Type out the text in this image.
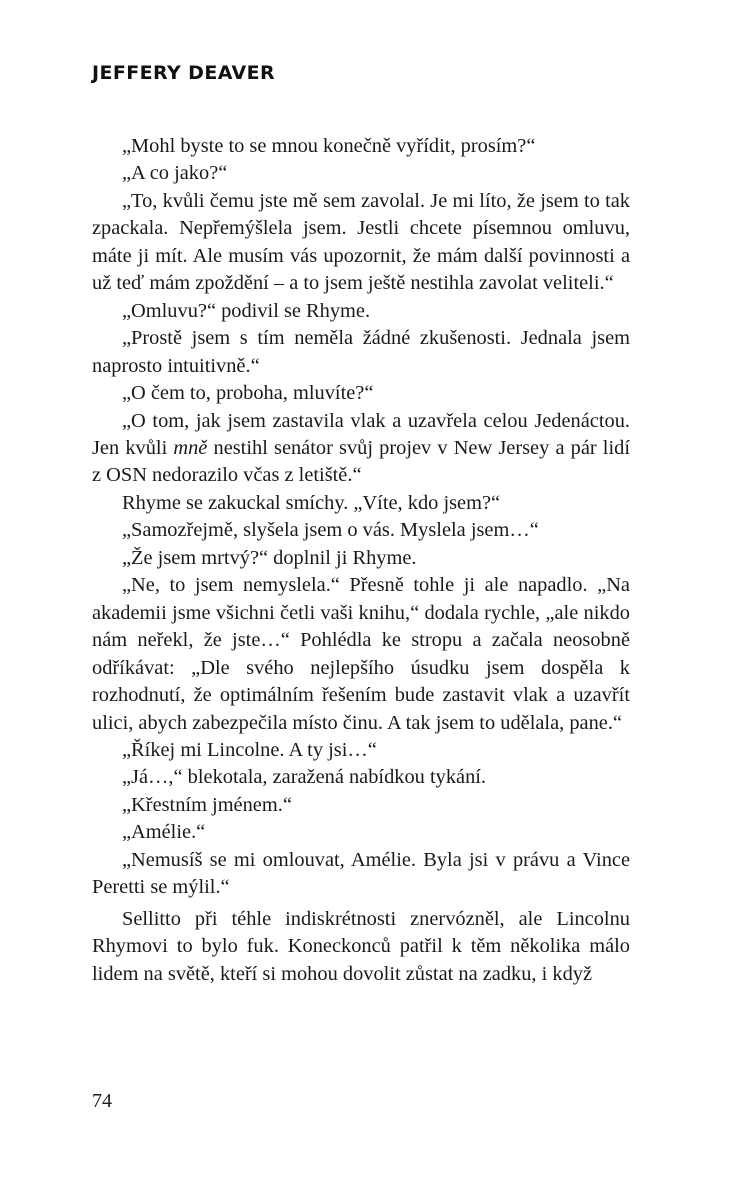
JEFFERY DEAVER

„Mohl byste to se mnou konečně vyřídit, prosím?“

„A co jako?“

„To, kvůli čemu jste mě sem zavolal. Je mi líto, že jsem to tak zpackala. Nepřemýšlela jsem. Jestli chcete písemnou omluvu, máte ji mít. Ale musím vás upozornit, že mám další povinnosti a už teď mám zpoždění – a to jsem ještě nestihla zavolat veliteli.“

„Omluvu?“ podivil se Rhyme.

„Prostě jsem s tím neměla žádné zkušenosti. Jednala jsem naprosto intuitivně.“

„O čem to, proboha, mluvíte?“

„O tom, jak jsem zastavila vlak a uzavřela celou Jedenáctou. Jen kvůli mně nestihl senátor svůj projev v New Jersey a pár lidí z OSN nedorazilo včas z letiště.“

Rhyme se zakuckal smíchy. „Víte, kdo jsem?“

„Samozřejmě, slyšela jsem o vás. Myslela jsem…“

„Že jsem mrtvý?“ doplnil ji Rhyme.

„Ne, to jsem nemyslela.“ Přesně tohle ji ale napadlo. „Na akademii jsme všichni četli vaši knihu,“ dodala rychle, „ale nikdo nám neřekl, že jste…“ Pohlédla ke stropu a začala neosobně odříkávat: „Dle svého nejlepšího úsudku jsem dospěla k rozhodnutí, že optimálním řešením bude zastavit vlak a uzavřít ulici, abych zabezpečila místo činu. A tak jsem to udělala, pane.“

„Říkej mi Lincolne. A ty jsi…“

„Já…,“ blekotala, zaražená nabídkou tykání.

„Křestním jménem.“

„Amélie.“

„Nemusíš se mi omlouvat, Amélie. Byla jsi v právu a Vince Peretti se mýlil.“

Sellitto při téhle indiskrétnosti znervózněl, ale Lincolnu Rhymovi to bylo fuk. Koneckonců patřil k těm několika málo lidem na světě, kteří si mohou dovolit zůstat na zadku, i když

74
